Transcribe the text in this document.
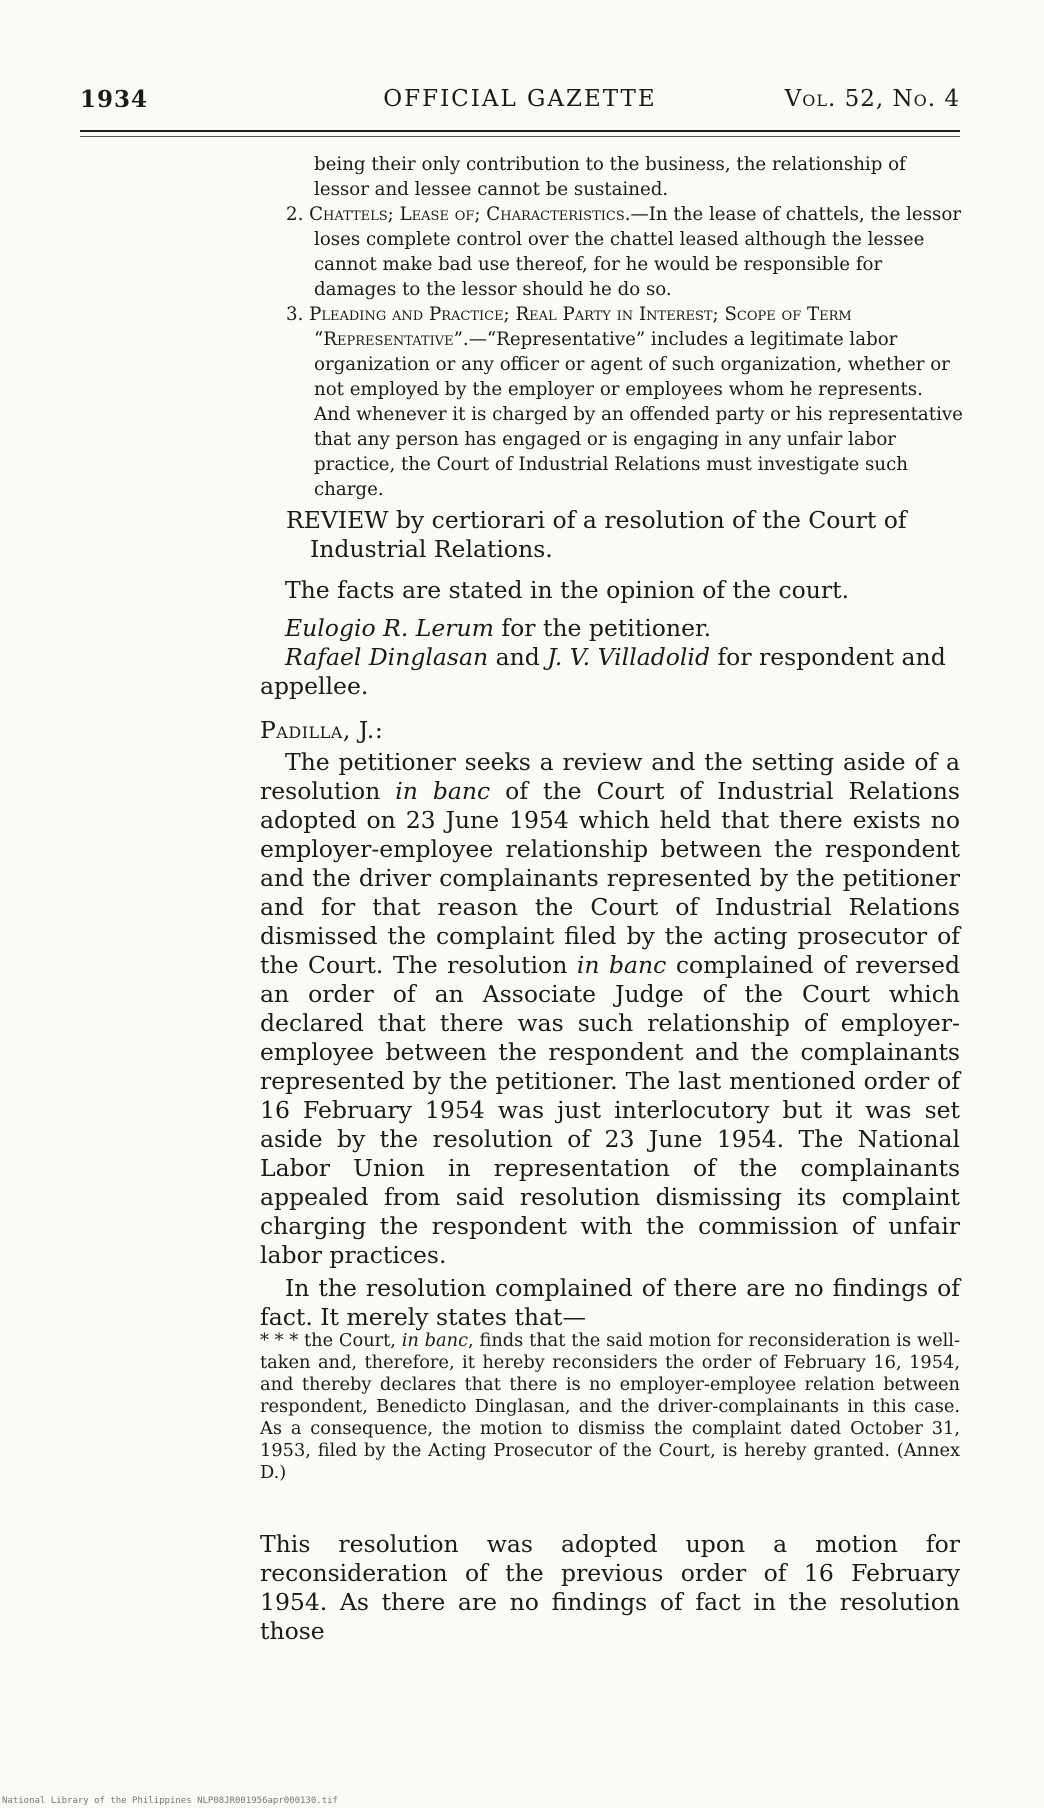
1934	OFFICIAL GAZETTE	Vol. 52, No. 4

being their only contribution to the business, the relationship of lessor and lessee cannot be sustained.

2. Chattels; Lease of; Characteristics.—In the lease of chattels, the lessor loses complete control over the chattel leased although the lessee cannot make bad use thereof, for he would be responsible for damages to the lessor should he do so.

3. Pleading and Practice; Real Party in Interest; Scope of Term “Representative”.—“Representative” includes a legitimate labor organization or any officer or agent of such organization, whether or not employed by the employer or employees whom he represents. And whenever it is charged by an offended party or his representative that any person has engaged or is engaging in any unfair labor practice, the Court of Industrial Relations must investigate such charge.

REVIEW by certiorari of a resolution of the Court of Industrial Relations.
The facts are stated in the opinion of the court.

Eulogio R. Lerum for the petitioner.

Rafael Dinglasan and J. V. Villadolid for respondent and appellee.

Padilla, J.:

The petitioner seeks a review and the setting aside of a resolution in banc of the Court of Industrial Relations adopted on 23 June 1954 which held that there exists no employer-employee relationship between the respondent and the driver complainants represented by the petitioner and for that reason the Court of Industrial Relations dismissed the complaint filed by the acting prosecutor of the Court. The resolution in banc complained of reversed an order of an Associate Judge of the Court which declared that there was such relationship of employer-employee between the respondent and the complainants represented by the petitioner. The last mentioned order of 16 February 1954 was just interlocutory but it was set aside by the resolution of 23 June 1954. The National Labor Union in representation of the complainants appealed from said resolution dismissing its complaint charging the respondent with the commission of unfair labor practices.

In the resolution complained of there are no findings of fact. It merely states that—

* * * the Court, in banc, finds that the said motion for reconsideration is well-taken and, therefore, it hereby reconsiders the order of February 16, 1954, and thereby declares that there is no employer-employee relation between respondent, Benedicto Dinglasan, and the driver-complainants in this case. As a consequence, the motion to dismiss the complaint dated October 31, 1953, filed by the Acting Prosecutor of the Court, is hereby granted. (Annex D.)

This resolution was adopted upon a motion for reconsideration of the previous order of 16 February 1954. As there are no findings of fact in the resolution those

National Library of the Philippines NLP08JR001956apr000130.tif
